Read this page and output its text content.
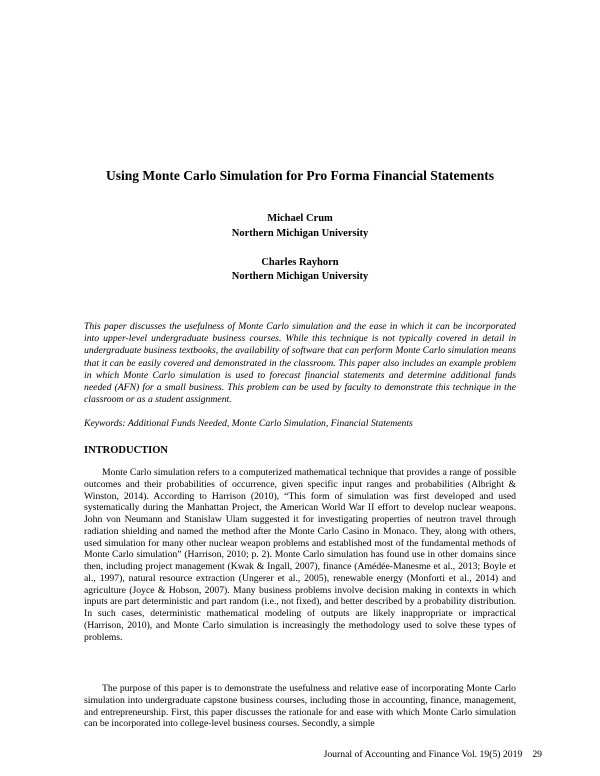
Using Monte Carlo Simulation for Pro Forma Financial Statements
Michael Crum
Northern Michigan University
Charles Rayhorn
Northern Michigan University

This paper discusses the usefulness of Monte Carlo simulation and the ease in which it can be incorporated into upper-level undergraduate business courses. While this technique is not typically covered in detail in undergraduate business textbooks, the availability of software that can perform Monte Carlo simulation means that it can be easily covered and demonstrated in the classroom. This paper also includes an example problem in which Monte Carlo simulation is used to forecast financial statements and determine additional funds needed (AFN) for a small business. This problem can be used by faculty to demonstrate this technique in the classroom or as a student assignment.

Keywords: Additional Funds Needed, Monte Carlo Simulation, Financial Statements

INTRODUCTION

Monte Carlo simulation refers to a computerized mathematical technique that provides a range of possible outcomes and their probabilities of occurrence, given specific input ranges and probabilities (Albright & Winston, 2014). According to Harrison (2010), “This form of simulation was first developed and used systematically during the Manhattan Project, the American World War II effort to develop nuclear weapons. John von Neumann and Stanislaw Ulam suggested it for investigating properties of neutron travel through radiation shielding and named the method after the Monte Carlo Casino in Monaco. They, along with others, used simulation for many other nuclear weapon problems and established most of the fundamental methods of Monte Carlo simulation” (Harrison, 2010; p. 2). Monte Carlo simulation has found use in other domains since then, including project management (Kwak & Ingall, 2007), finance (Amédée-Manesme et al., 2013; Boyle et al., 1997), natural resource extraction (Ungerer et al., 2005), renewable energy (Monforti et al., 2014) and agriculture (Joyce & Hobson, 2007). Many business problems involve decision making in contexts in which inputs are part deterministic and part random (i.e., not fixed), and better described by a probability distribution. In such cases, deterministic mathematical modeling of outputs are likely inappropriate or impractical (Harrison, 2010), and Monte Carlo simulation is increasingly the methodology used to solve these types of problems.

The purpose of this paper is to demonstrate the usefulness and relative ease of incorporating Monte Carlo simulation into undergraduate capstone business courses, including those in accounting, finance, management, and entrepreneurship. First, this paper discusses the rationale for and ease with which Monte Carlo simulation can be incorporated into college-level business courses. Secondly, a simple

Journal of Accounting and Finance Vol. 19(5) 2019 29
